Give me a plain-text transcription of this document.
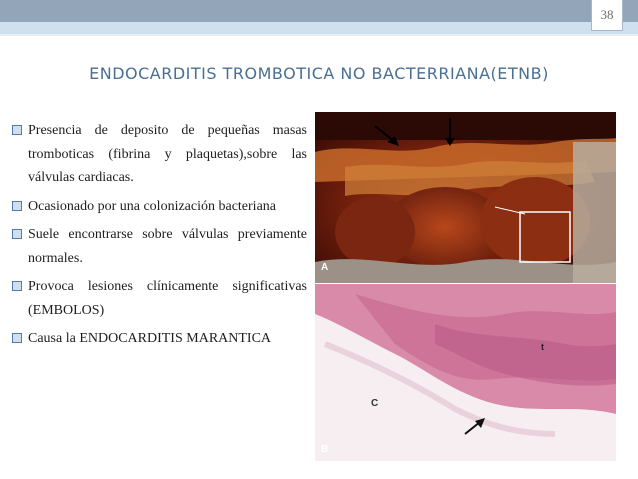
38
ENDOCARDITIS TROMBOTICA NO BACTERRIANA(ETNB)
Presencia de deposito de pequeñas masas tromboticas (fibrina y plaquetas),sobre las válvulas cardiacas.
Ocasionado por una colonización bacteriana
Suele encontrarse sobre válvulas previamente normales.
Provoca lesiones clínicamente significativas (EMBOLOS)
Causa la ENDOCARDITIS MARANTICA
A
B
C
t
